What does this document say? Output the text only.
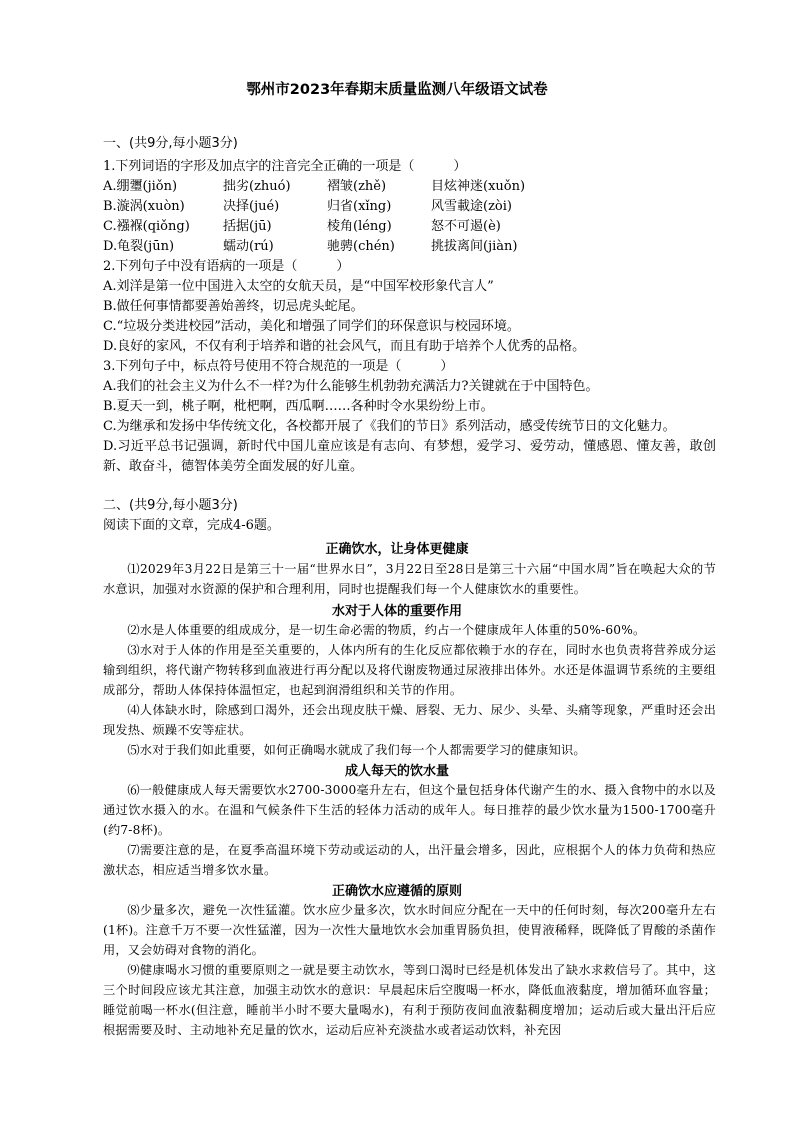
鄂州市2023年春期末质量监测八年级语文试卷
一、(共9分,每小题3分)
1.下列词语的字形及加点字的注音完全正确的一项是（　　　）
A.绷瓕(jiǒn)	拙劣(zhuó)	褶皱(zhě)	目炫神迷(xuǒn)
B.漩涡(xuòn)	决择(jué)	归省(xǐng)	风雪載途(zòi)
C.襁褓(qiǒng)	括据(jū)	棱角(léng)	怒不可遏(è)
D.龟裂(jūn)	蠕动(rú)	驰骋(chén)	挑拔离间(jiàn)
2.下列句子中没有语病的一项是（　　　）
A.刘洋是第一位中国进入太空的女航天员，是“中国军校形象代言人”
B.做任何事情都要善始善终，切忌虎头蛇尾。
C.“垃圾分类进校园”活动，美化和增强了同学们的环保意识与校园环境。
D.良好的家风，不仅有利于培养和谐的社会风气，而且有助于培养个人优秀的品格。
3.下列句子中，标点符号使用不符合规范的一项是（　　　）
A.我们的社会主义为什么不一样?为什么能够生机勃勃充满活力?关键就在于中国特色。
B.夏天一到，桃子啊，枇杷啊，西瓜啊……各种时令水果纷纷上市。
C.为继承和发扬中华传统文化，各校都开展了《我们的节日》系列活动，感受传统节日的文化魅力。
D.习近平总书记强调，新时代中国儿童应该是有志向、有梦想，爱学习、爱劳动，懂感恩、懂友善，敢创新、敢奋斗，德智体美劳全面发展的好儿童。
二、(共9分,每小题3分)
阅读下面的文章，完成4-6题。
正确饮水，让身体更健康
⑴2029年3月22日是第三十一届“世界水日”，3月22日至28日是第三十六届“中国水周”旨在唤起大众的节水意识，加强对水资源的保护和合理利用，同时也提醒我们每一个人健康饮水的重要性。
水对于人体的重要作用
⑵水是人体重要的组成成分，是一切生命必需的物质，约占一个健康成年人体重的50%-60%。
⑶水对于人体的作用是至关重要的，人体内所有的生化反应都依赖于水的存在，同时水也负责将营养成分运输到组织，将代谢产物转移到血液进行再分配以及将代谢废物通过尿液排出体外。水还是体温调节系统的主要组成部分，帮助人体保持体温恒定，也起到润滑组织和关节的作用。
⑷人体缺水时，除感到口渴外，还会出现皮肤干燥、唇裂、无力、尿少、头晕、头痛等现象，严重时还会出现发热、烦躁不安等症状。
⑸水对于我们如此重要，如何正确喝水就成了我们每一个人都需要学习的健康知识。
成人每天的饮水量
⑹一般健康成人每天需要饮水2700-3000毫升左右，但这个量包括身体代谢产生的水、摄入食物中的水以及通过饮水摄入的水。在温和气候条件下生活的轻体力活动的成年人。每日推荐的最少饮水量为1500-1700毫升(约7-8杯)。
⑺需要注意的是，在夏季高温环境下劳动或运动的人，出汗量会增多，因此，应根据个人的体力负荷和热应激状态，相应适当增多饮水量。
正确饮水应遵循的原则
⑻少量多次，避免一次性猛灌。饮水应少量多次，饮水时间应分配在一天中的任何时刻，每次200毫升左右(1杯)。注意千万不要一次性猛灌，因为一次性大量地饮水会加重胃肠负担，使胃液稀释，既降低了胃酸的杀菌作用，又会妨碍对食物的消化。
⑼健康喝水习惯的重要原则之一就是要主动饮水，等到口渴时已经是机体发出了缺水求救信号了。其中，这三个时间段应该尤其注意，加强主动饮水的意识：早晨起床后空腹喝一杯水，降低血液黏度，增加循环血容量；睡觉前喝一杯水(但注意，睡前半小时不要大量喝水)，有利于预防夜间血液黏稠度增加；运动后或大量出汗后应根据需要及时、主动地补充足量的饮水，运动后应补充淡盐水或者运动饮料，补充因
